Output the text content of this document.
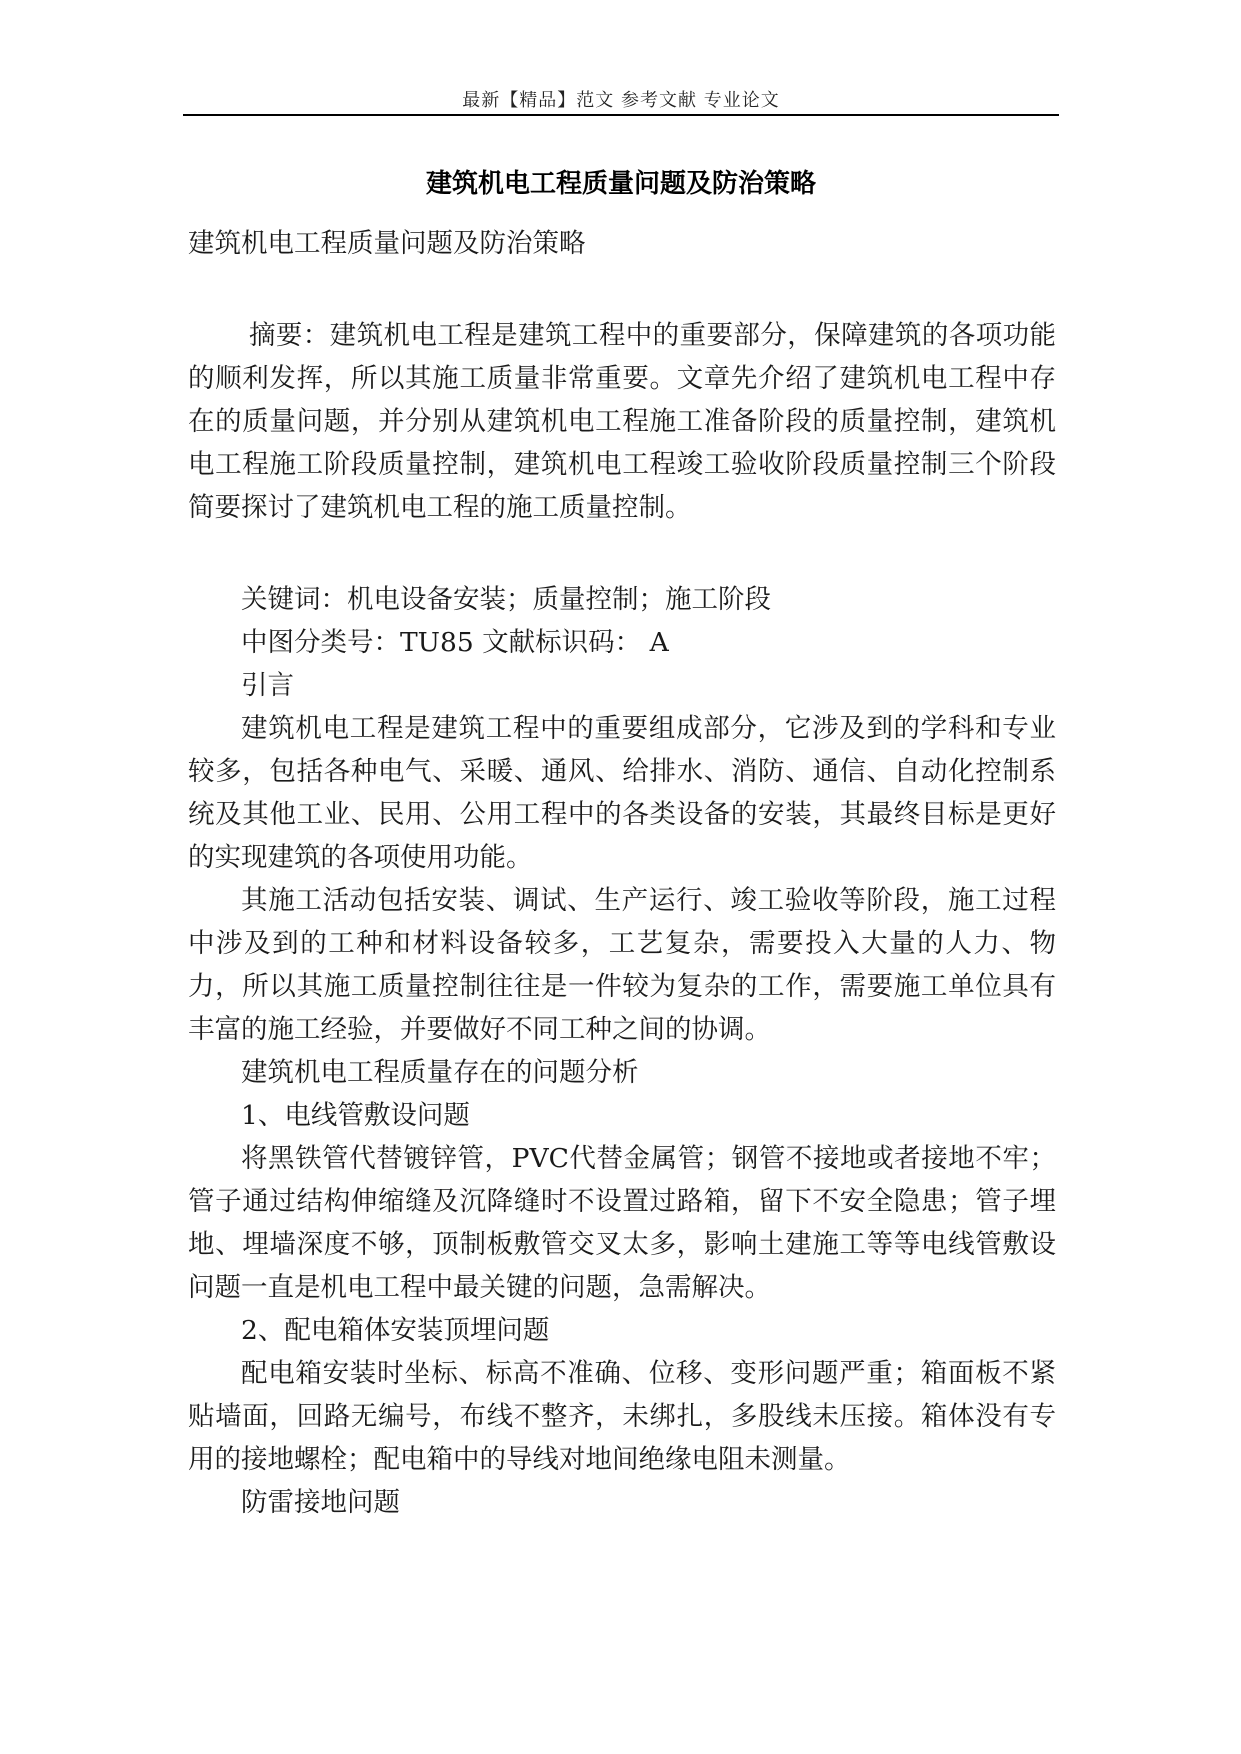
最新【精品】范文 参考文献 专业论文
建筑机电工程质量问题及防治策略

建筑机电工程质量问题及防治策略

摘要：建筑机电工程是建筑工程中的重要部分，保障建筑的各项功能的顺利发挥，所以其施工质量非常重要。文章先介绍了建筑机电工程中存在的质量问题，并分别从建筑机电工程施工准备阶段的质量控制，建筑机电工程施工阶段质量控制，建筑机电工程竣工验收阶段质量控制三个阶段简要探讨了建筑机电工程的施工质量控制。

关键词：机电设备安装；质量控制；施工阶段

中图分类号：TU85 文献标识码： A

引言

建筑机电工程是建筑工程中的重要组成部分，它涉及到的学科和专业较多，包括各种电气、采暖、通风、给排水、消防、通信、自动化控制系统及其他工业、民用、公用工程中的各类设备的安装，其最终目标是更好的实现建筑的各项使用功能。

其施工活动包括安装、调试、生产运行、竣工验收等阶段，施工过程中涉及到的工种和材料设备较多，工艺复杂，需要投入大量的人力、物力，所以其施工质量控制往往是一件较为复杂的工作，需要施工单位具有丰富的施工经验，并要做好不同工种之间的协调。

建筑机电工程质量存在的问题分析

1、电线管敷设问题

将黑铁管代替镀锌管，PVC代替金属管；钢管不接地或者接地不牢；管子通过结构伸缩缝及沉降缝时不设置过路箱，留下不安全隐患；管子埋地、埋墙深度不够，顶制板敷管交叉太多，影响土建施工等等电线管敷设问题一直是机电工程中最关键的问题，急需解决。

2、配电箱体安装顶埋问题

配电箱安装时坐标、标高不准确、位移、变形问题严重；箱面板不紧贴墙面，回路无编号，布线不整齐，未绑扎，多股线未压接。箱体没有专用的接地螺栓；配电箱中的导线对地间绝缘电阻未测量。

防雷接地问题
